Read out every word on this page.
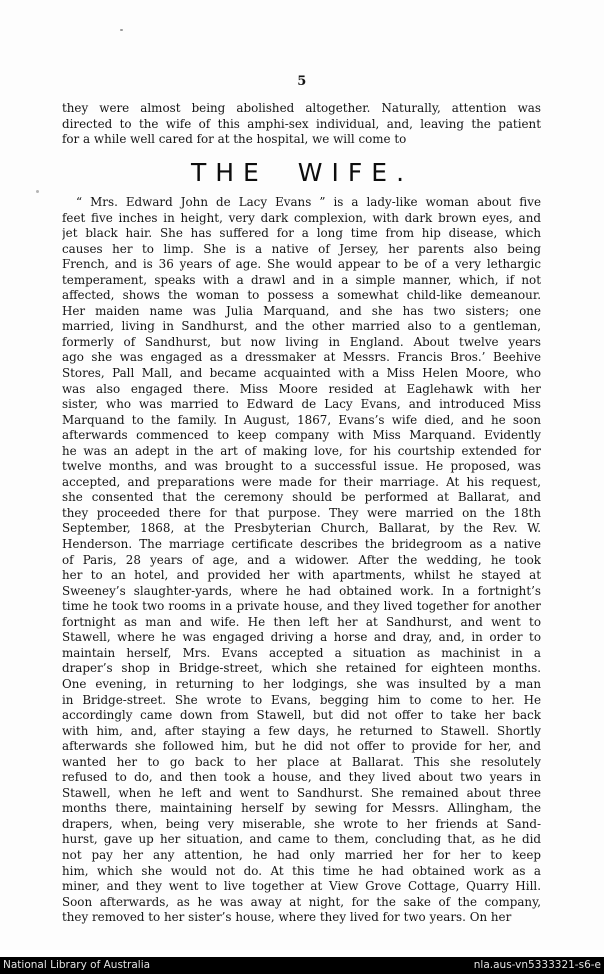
5
they were almost being abolished altogether. Naturally, attention was
directed to the wife of this amphi-sex individual, and, leaving the patient
for a while well cared for at the hospital, we will come to
THE WIFE.
“ Mrs. Edward John de Lacy Evans ” is a lady-like woman about five
feet five inches in height, very dark complexion, with dark brown eyes, and
jet black hair. She has suffered for a long time from hip disease, which
causes her to limp. She is a native of Jersey, her parents also being
French, and is 36 years of age. She would appear to be of a very lethargic
temperament, speaks with a drawl and in a simple manner, which, if not
affected, shows the woman to possess a somewhat child-like demeanour.
Her maiden name was Julia Marquand, and she has two sisters; one
married, living in Sandhurst, and the other married also to a gentleman,
formerly of Sandhurst, but now living in England. About twelve years
ago she was engaged as a dressmaker at Messrs. Francis Bros.’ Beehive
Stores, Pall Mall, and became acquainted with a Miss Helen Moore, who
was also engaged there. Miss Moore resided at Eaglehawk with her
sister, who was married to Edward de Lacy Evans, and introduced Miss
Marquand to the family. In August, 1867, Evans’s wife died, and he soon
afterwards commenced to keep company with Miss Marquand. Evidently
he was an adept in the art of making love, for his courtship extended for
twelve months, and was brought to a successful issue. He proposed, was
accepted, and preparations were made for their marriage. At his request,
she consented that the ceremony should be performed at Ballarat, and
they proceeded there for that purpose. They were married on the 18th
September, 1868, at the Presbyterian Church, Ballarat, by the Rev. W.
Henderson. The marriage certificate describes the bridegroom as a native
of Paris, 28 years of age, and a widower. After the wedding, he took
her to an hotel, and provided her with apartments, whilst he stayed at
Sweeney’s slaughter-yards, where he had obtained work. In a fortnight’s
time he took two rooms in a private house, and they lived together for another
fortnight as man and wife. He then left her at Sandhurst, and went to
Stawell, where he was engaged driving a horse and dray, and, in order to
maintain herself, Mrs. Evans accepted a situation as machinist in a
draper’s shop in Bridge-street, which she retained for eighteen months.
One evening, in returning to her lodgings, she was insulted by a man
in Bridge-street. She wrote to Evans, begging him to come to her. He
accordingly came down from Stawell, but did not offer to take her back
with him, and, after staying a few days, he returned to Stawell. Shortly
afterwards she followed him, but he did not offer to provide for her, and
wanted her to go back to her place at Ballarat. This she resolutely
refused to do, and then took a house, and they lived about two years in
Stawell, when he left and went to Sandhurst. She remained about three
months there, maintaining herself by sewing for Messrs. Allingham, the
drapers, when, being very miserable, she wrote to her friends at Sand-
hurst, gave up her situation, and came to them, concluding that, as he did
not pay her any attention, he had only married her for her to keep
him, which she would not do. At this time he had obtained work as a
miner, and they went to live together at View Grove Cottage, Quarry Hill.
Soon afterwards, as he was away at night, for the sake of the company,
they removed to her sister’s house, where they lived for two years. On her
National Library of Australia	nla.aus-vn5333321-s6-e
